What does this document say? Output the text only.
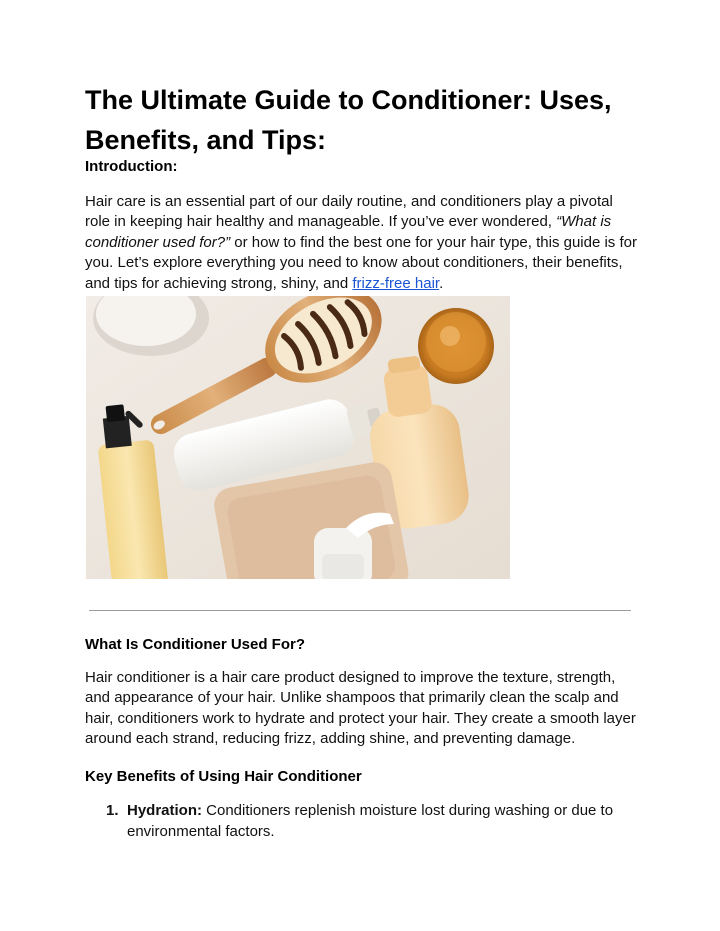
The Ultimate Guide to Conditioner: Uses, Benefits, and Tips:

Introduction:

Hair care is an essential part of our daily routine, and conditioners play a pivotal role in keeping hair healthy and manageable. If you’ve ever wondered, “What is conditioner used for?” or how to find the best one for your hair type, this guide is for you. Let’s explore everything you need to know about conditioners, their benefits, and tips for achieving strong, shiny, and frizz-free hair.

What Is Conditioner Used For?

Hair conditioner is a hair care product designed to improve the texture, strength, and appearance of your hair. Unlike shampoos that primarily clean the scalp and hair, conditioners work to hydrate and protect your hair. They create a smooth layer around each strand, reducing frizz, adding shine, and preventing damage.

Key Benefits of Using Hair Conditioner
1. Hydration: Conditioners replenish moisture lost during washing or due to environmental factors.
